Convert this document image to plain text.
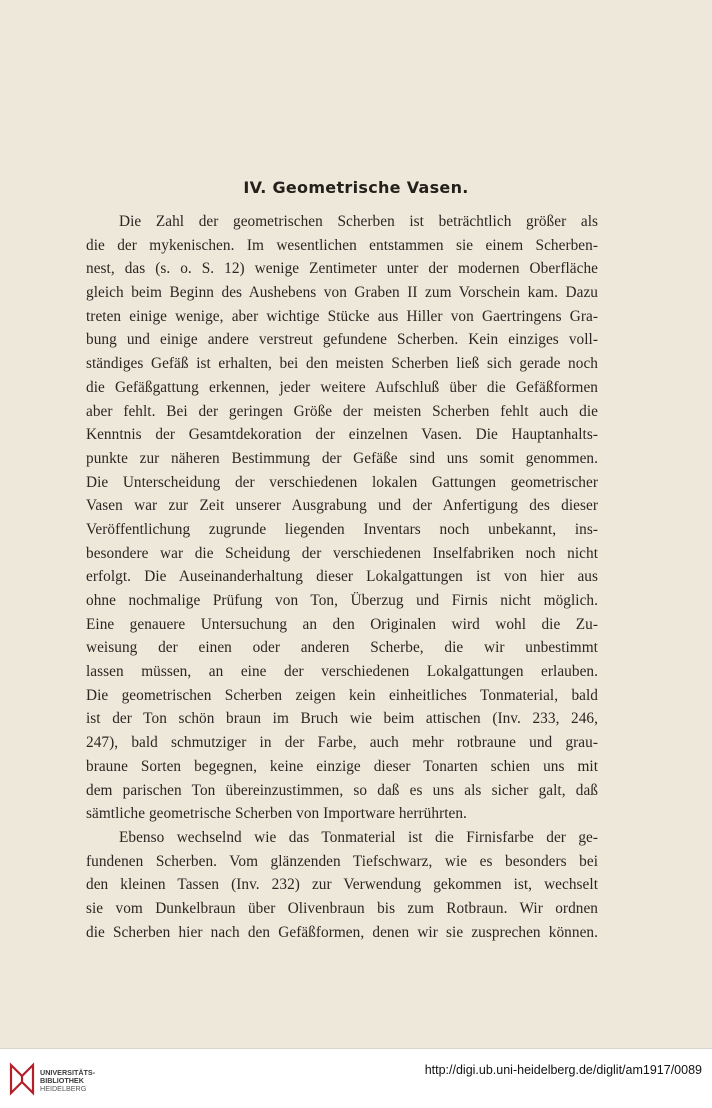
IV. Geometrische Vasen.
Die Zahl der geometrischen Scherben ist beträchtlich größer als
die der mykenischen. Im wesentlichen entstammen sie einem Scherben-
nest, das (s. o. S. 12) wenige Zentimeter unter der modernen Oberfläche
gleich beim Beginn des Aushebens von Graben II zum Vorschein kam. Dazu
treten einige wenige, aber wichtige Stücke aus Hiller von Gaertringens Gra-
bung und einige andere verstreut gefundene Scherben. Kein einziges voll-
ständiges Gefäß ist erhalten, bei den meisten Scherben ließ sich gerade noch
die Gefäßgattung erkennen, jeder weitere Aufschluß über die Gefäßformen
aber fehlt. Bei der geringen Größe der meisten Scherben fehlt auch die
Kenntnis der Gesamtdekoration der einzelnen Vasen. Die Hauptanhalts-
punkte zur näheren Bestimmung der Gefäße sind uns somit genommen.
Die Unterscheidung der verschiedenen lokalen Gattungen geometrischer
Vasen war zur Zeit unserer Ausgrabung und der Anfertigung des dieser
Veröffentlichung zugrunde liegenden Inventars noch unbekannt, ins-
besondere war die Scheidung der verschiedenen Inselfabriken noch nicht
erfolgt. Die Auseinanderhaltung dieser Lokalgattungen ist von hier aus
ohne nochmalige Prüfung von Ton, Überzug und Firnis nicht möglich.
Eine genauere Untersuchung an den Originalen wird wohl die Zu-
weisung der einen oder anderen Scherbe, die wir unbestimmt
lassen müssen, an eine der verschiedenen Lokalgattungen erlauben.
Die geometrischen Scherben zeigen kein einheitliches Tonmaterial, bald
ist der Ton schön braun im Bruch wie beim attischen (Inv. 233, 246,
247), bald schmutziger in der Farbe, auch mehr rotbraune und grau-
braune Sorten begegnen, keine einzige dieser Tonarten schien uns mit
dem parischen Ton übereinzustimmen, so daß es uns als sicher galt, daß
sämtliche geometrische Scherben von Importware herrührten.
Ebenso wechselnd wie das Tonmaterial ist die Firnisfarbe der ge-
fundenen Scherben. Vom glänzenden Tiefschwarz, wie es besonders bei
den kleinen Tassen (Inv. 232) zur Verwendung gekommen ist, wechselt
sie vom Dunkelbraun über Olivenbraun bis zum Rotbraun. Wir ordnen
die Scherben hier nach den Gefäßformen, denen wir sie zusprechen können.
UNIVERSITÄTS-
BIBLIOTHEK
HEIDELBERG
http://digi.ub.uni-heidelberg.de/diglit/am1917/0089
